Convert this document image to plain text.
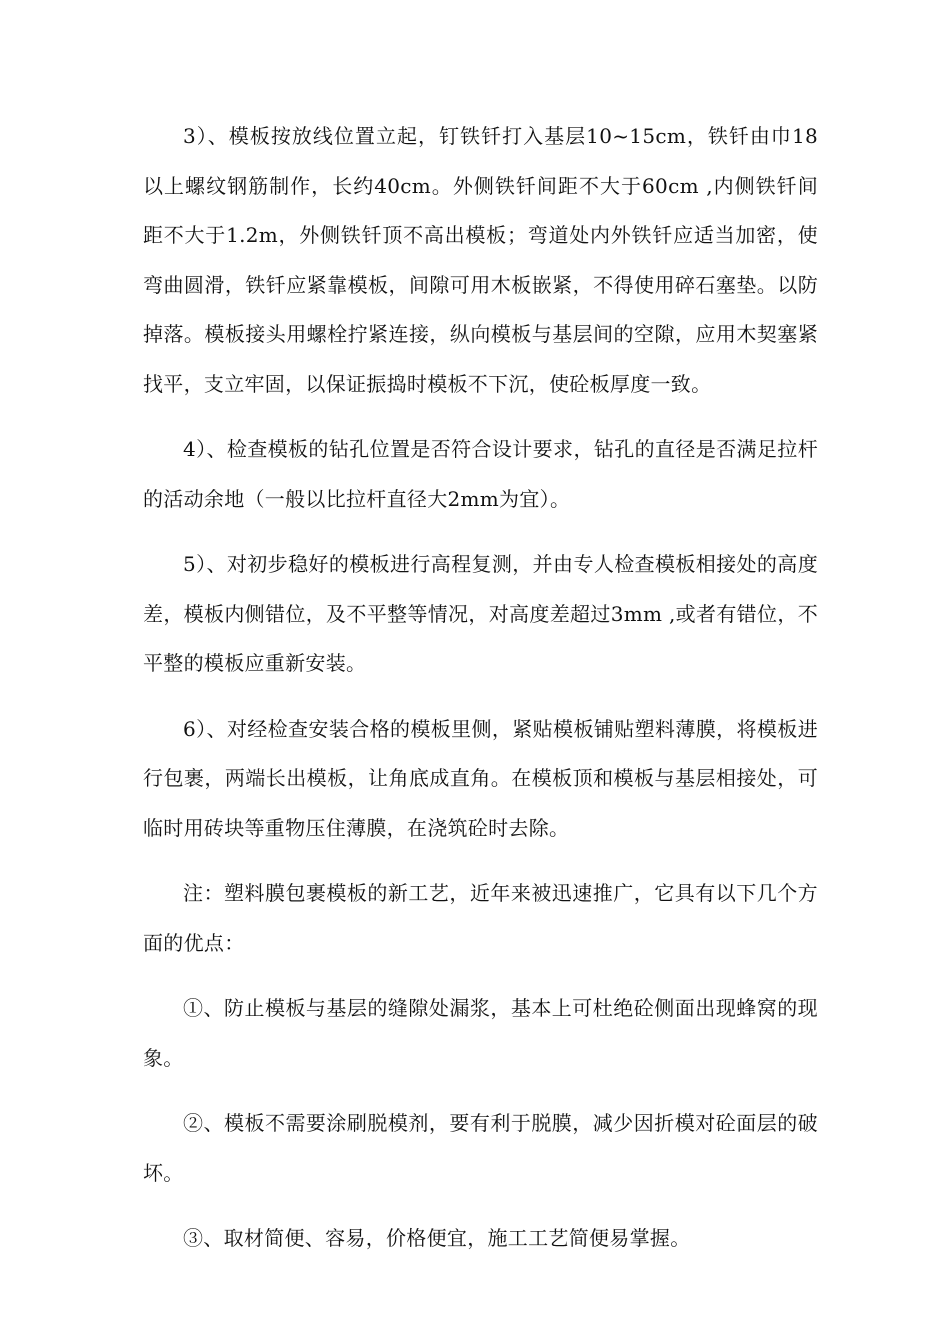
3）、模板按放线位置立起，钉铁钎打入基层10~15cm，铁钎由巾18以上螺纹钢筋制作，长约40cm。外侧铁钎间距不大于60cm ,内侧铁钎间距不大于1.2m，外侧铁钎顶不高出模板；弯道处内外铁钎应适当加密，使弯曲圆滑，铁钎应紧靠模板，间隙可用木板嵌紧，不得使用碎石塞垫。以防掉落。模板接头用螺栓拧紧连接，纵向模板与基层间的空隙，应用木契塞紧找平，支立牢固，以保证振捣时模板不下沉，使砼板厚度一致。

4）、检查模板的钻孔位置是否符合设计要求，钻孔的直径是否满足拉杆的活动余地（一般以比拉杆直径大2mm为宜）。

5）、对初步稳好的模板进行高程复测，并由专人检查模板相接处的高度差，模板内侧错位，及不平整等情况，对高度差超过3mm ,或者有错位，不平整的模板应重新安装。

6）、对经检查安装合格的模板里侧，紧贴模板铺贴塑料薄膜，将模板进行包裹，两端长出模板，让角底成直角。在模板顶和模板与基层相接处，可临时用砖块等重物压住薄膜，在浇筑砼时去除。

注：塑料膜包裹模板的新工艺，近年来被迅速推广，它具有以下几个方面的优点：

①、防止模板与基层的缝隙处漏浆，基本上可杜绝砼侧面出现蜂窝的现象。

②、模板不需要涂刷脱模剂，要有利于脱膜，减少因折模对砼面层的破坏。

③、取材简便、容易，价格便宜，施工工艺简便易掌握。
